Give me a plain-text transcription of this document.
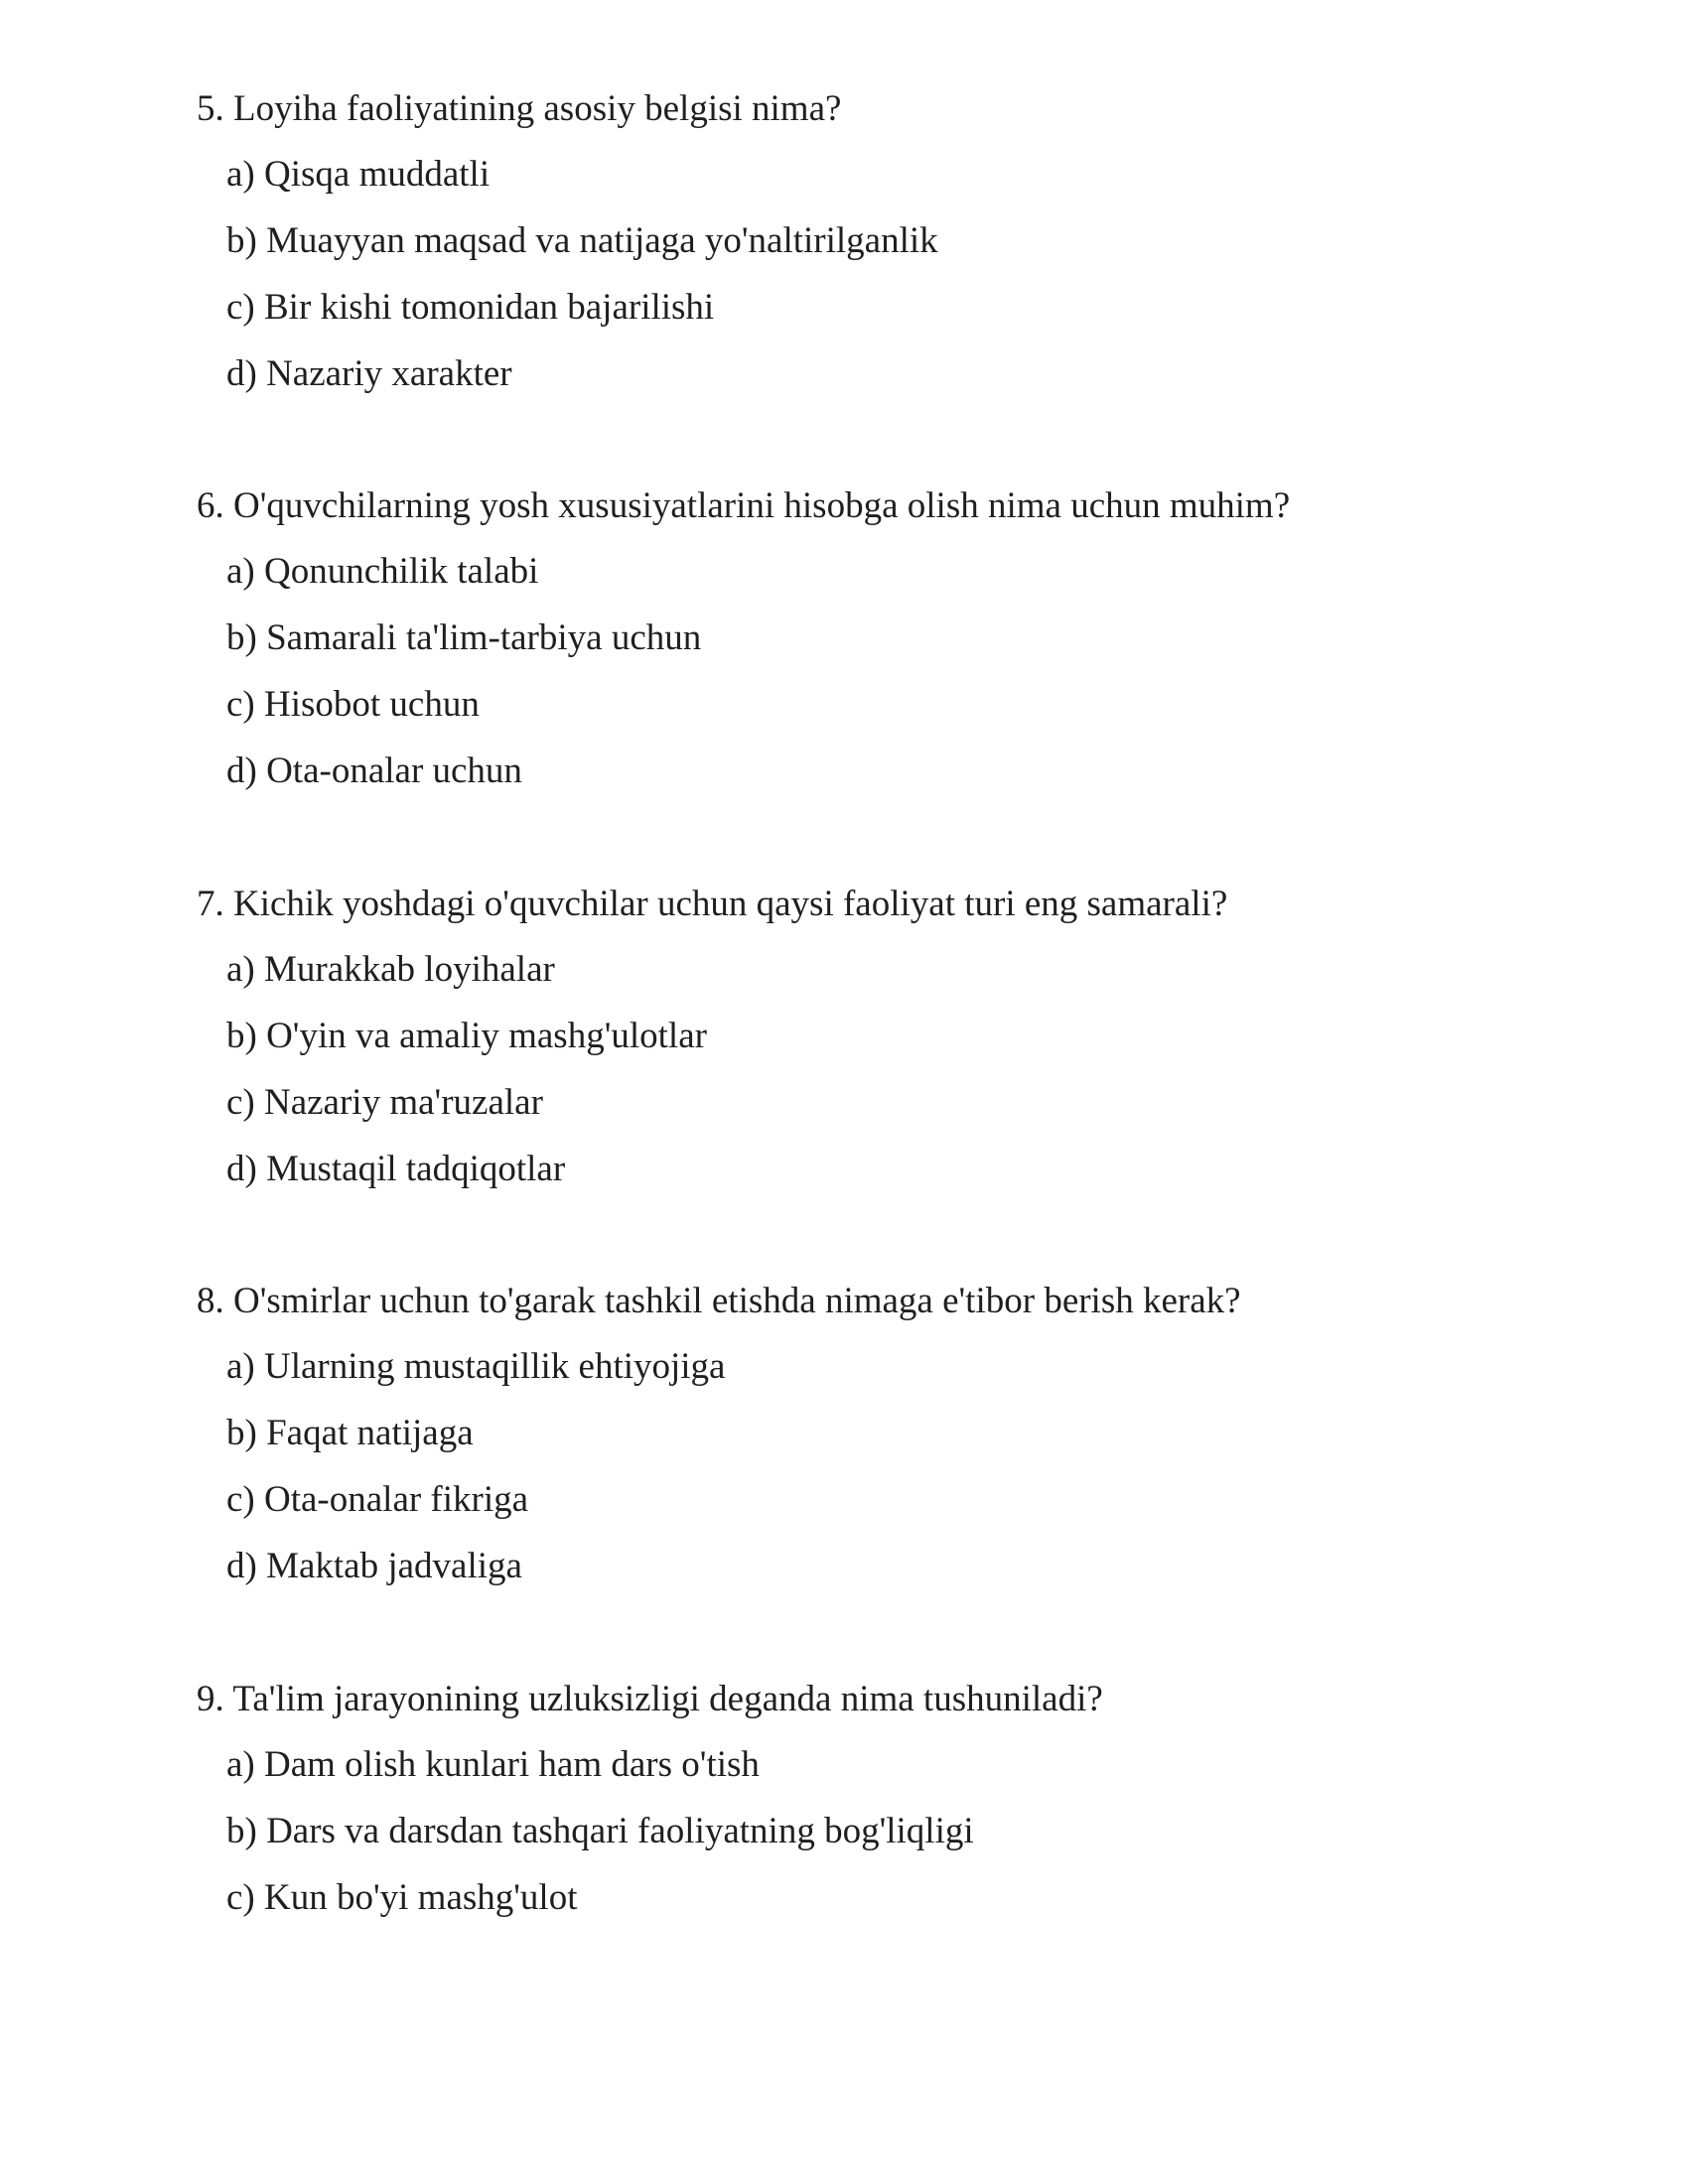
5. Loyiha faoliyatining asosiy belgisi nima?

a) Qisqa muddatli
b) Muayyan maqsad va natijaga yo'naltirilganlik
c) Bir kishi tomonidan bajarilishi
d) Nazariy xarakter

6. O'quvchilarning yosh xususiyatlarini hisobga olish nima uchun muhim?

a) Qonunchilik talabi
b) Samarali ta'lim-tarbiya uchun
c) Hisobot uchun
d) Ota-onalar uchun

7. Kichik yoshdagi o'quvchilar uchun qaysi faoliyat turi eng samarali?

a) Murakkab loyihalar
b) O'yin va amaliy mashg'ulotlar
c) Nazariy ma'ruzalar
d) Mustaqil tadqiqotlar

8. O'smirlar uchun to'garak tashkil etishda nimaga e'tibor berish kerak?

a) Ularning mustaqillik ehtiyojiga
b) Faqat natijaga
c) Ota-onalar fikriga
d) Maktab jadvaliga

9. Ta'lim jarayonining uzluksizligi deganda nima tushuniladi?

a) Dam olish kunlari ham dars o'tish
b) Dars va darsdan tashqari faoliyatning bog'liqligi
c) Kun bo'yi mashg'ulot
